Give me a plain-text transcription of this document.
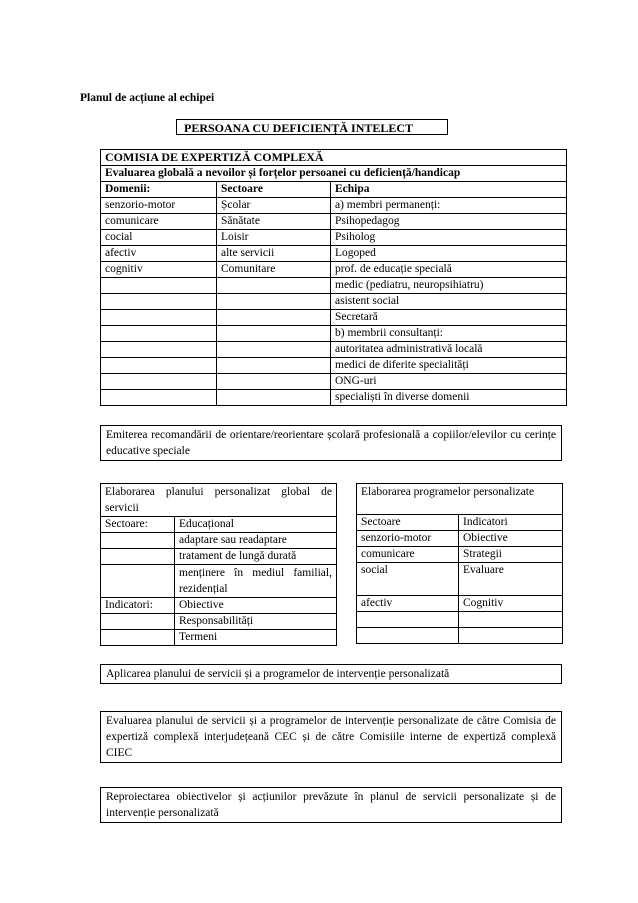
Planul de acțiune al echipei
PERSOANA CU DEFICIENȚĂ INTELECT
COMISIA DE EXPERTIZĂ COMPLEXĂ		
Evaluarea globală a nevoilor și forțelor persoanei cu deficiență/handicap		
Domenii:	Sectoare	Echipa
senzorio-motor	Școlar	a) membri permanenți:
comunicare	Sănătate	Psihopedagog
cocial	Loisir	Psiholog
afectiv	alte servicii	Logoped
cognitiv	Comunitare	prof. de educație specială
		medic (pediatru, neuropsihiatru)
		asistent social
		Secretară
		b) membrii consultanți:
		autoritatea administrativă locală
		medici de diferite specialități
		ONG-uri
		specialiști în diverse domenii
Emiterea recomandării de orientare/reorientare școlară profesională a copiilor/elevilor cu cerințe educative speciale
Elaborarea planului personalizat global de servicii	
Sectoare:	Educațional
	adaptare sau readaptare
	tratament de lungă durată
	menținere în mediul familial, rezidențial
Indicatori:	Obiective
	Responsabilități
	Termeni
Elaborarea programelor personalizate	
Sectoare	Indicatori
senzorio-motor	Obiective
comunicare	Strategii
social	Evaluare
afectiv	Cognitiv

Aplicarea planului de servicii și a programelor de intervenție personalizată
Evaluarea planului de servicii și a programelor de intervenție personalizate de către Comisia de expertiză complexă interjudețeană CEC și de către Comisiile interne de expertiză complexă CIEC
Reproiectarea obiectivelor și acțiunilor prevăzute în planul de servicii personalizate și de intervenție personalizată
